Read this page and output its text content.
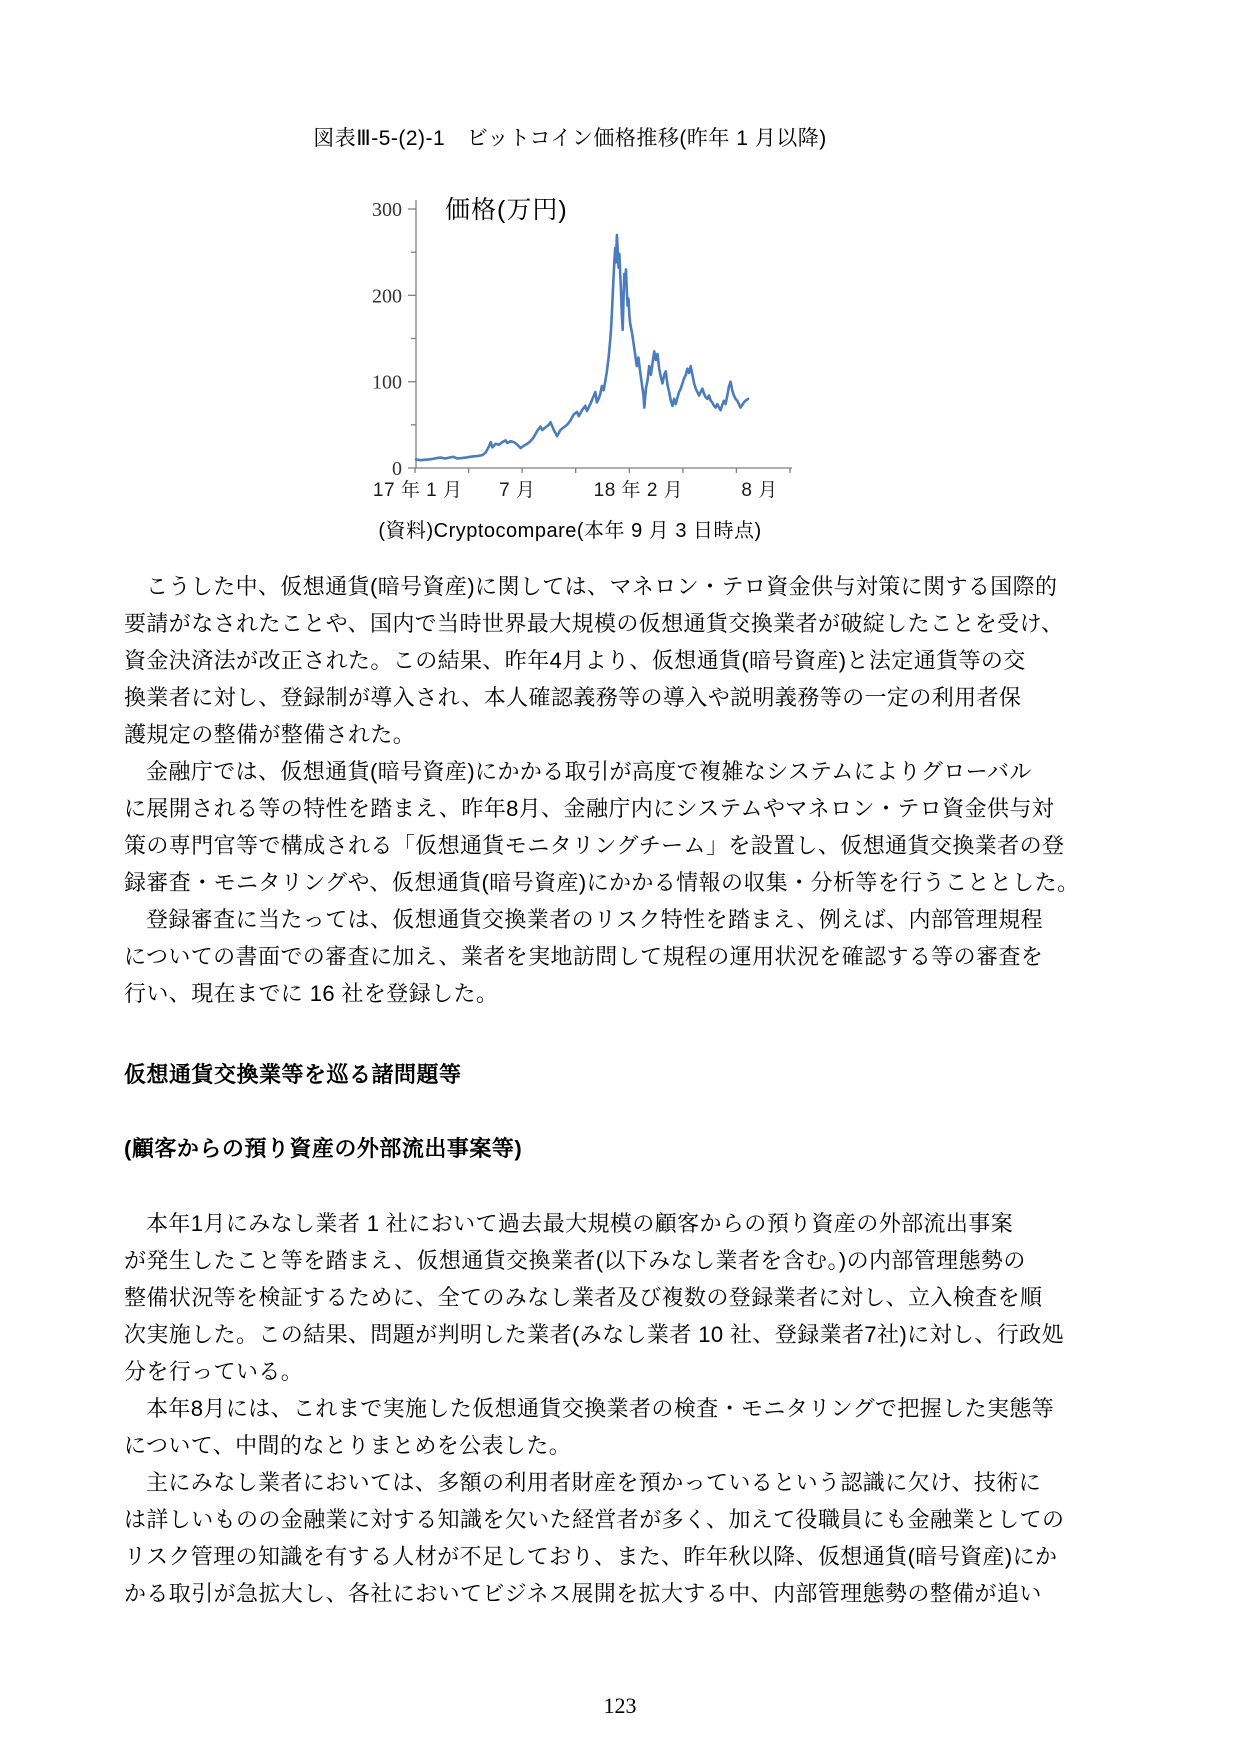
図表Ⅲ-5-(2)-1　ビットコイン価格推移(昨年 1 月以降)
0
100
200
300
17 年 1 月 7 月	18 年 2 月	8 月
価格(万円)
(資料)Cryptocompare(本年 9 月 3 日時点)
こうした中、仮想通貨(暗号資産)に関しては、マネロン・テロ資金供与対策に関する国際的
要請がなされたことや、国内で当時世界最大規模の仮想通貨交換業者が破綻したことを受け、
資金決済法が改正された。この結果、昨年4月より、仮想通貨(暗号資産)と法定通貨等の交
換業者に対し、登録制が導入され、本人確認義務等の導入や説明義務等の一定の利用者保
護規定の整備が整備された。
金融庁では、仮想通貨(暗号資産)にかかる取引が高度で複雑なシステムによりグローバル
に展開される等の特性を踏まえ、昨年8月、金融庁内にシステムやマネロン・テロ資金供与対
策の専門官等で構成される「仮想通貨モニタリングチーム」を設置し、仮想通貨交換業者の登
録審査・モニタリングや、仮想通貨(暗号資産)にかかる情報の収集・分析等を行うこととした。
登録審査に当たっては、仮想通貨交換業者のリスク特性を踏まえ、例えば、内部管理規程
についての書面での審査に加え、業者を実地訪問して規程の運用状況を確認する等の審査を
行い、現在までに 16 社を登録した。
仮想通貨交換業等を巡る諸問題等
(顧客からの預り資産の外部流出事案等)
本年1月にみなし業者 1 社において過去最大規模の顧客からの預り資産の外部流出事案
が発生したこと等を踏まえ、仮想通貨交換業者(以下みなし業者を含む。)の内部管理態勢の
整備状況等を検証するために、全てのみなし業者及び複数の登録業者に対し、立入検査を順
次実施した。この結果、問題が判明した業者(みなし業者 10 社、登録業者7社)に対し、行政処
分を行っている。
本年8月には、これまで実施した仮想通貨交換業者の検査・モニタリングで把握した実態等
について、中間的なとりまとめを公表した。
主にみなし業者においては、多額の利用者財産を預かっているという認識に欠け、技術に
は詳しいものの金融業に対する知識を欠いた経営者が多く、加えて役職員にも金融業としての
リスク管理の知識を有する人材が不足しており、また、昨年秋以降、仮想通貨(暗号資産)にか
かる取引が急拡大し、各社においてビジネス展開を拡大する中、内部管理態勢の整備が追い
123
